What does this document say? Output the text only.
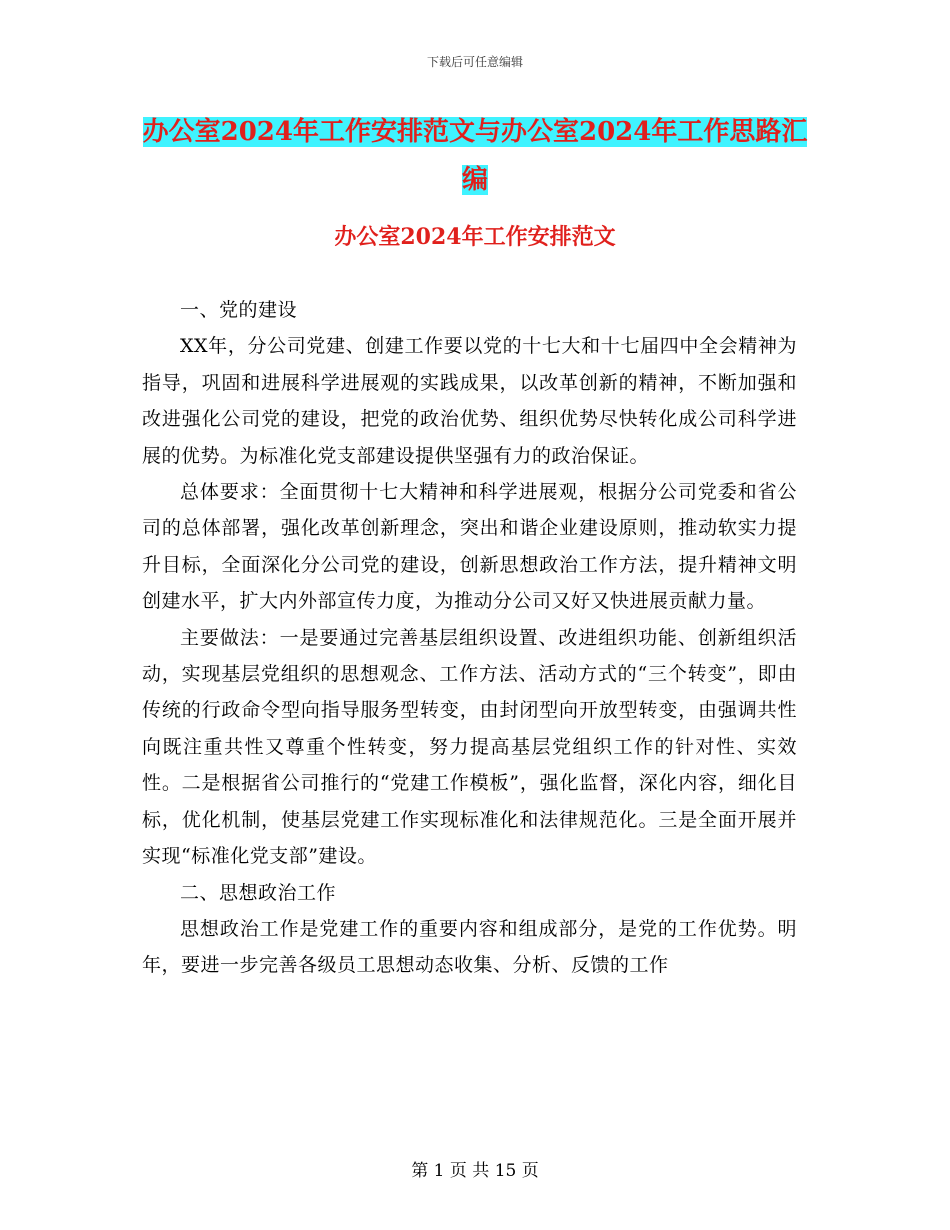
下载后可任意编辑
办公室2024年工作安排范文与办公室2024年工作思路汇编
办公室2024年工作安排范文

一、党的建设

XX年，分公司党建、创建工作要以党的十七大和十七届四中全会精神为指导，巩固和进展科学进展观的实践成果，以改革创新的精神，不断加强和改进强化公司党的建设，把党的政治优势、组织优势尽快转化成公司科学进展的优势。为标准化党支部建设提供坚强有力的政治保证。

总体要求：全面贯彻十七大精神和科学进展观，根据分公司党委和省公司的总体部署，强化改革创新理念，突出和谐企业建设原则，推动软实力提升目标，全面深化分公司党的建设，创新思想政治工作方法，提升精神文明创建水平，扩大内外部宣传力度，为推动分公司又好又快进展贡献力量。

主要做法：一是要通过完善基层组织设置、改进组织功能、创新组织活动，实现基层党组织的思想观念、工作方法、活动方式的“三个转变”，即由传统的行政命令型向指导服务型转变，由封闭型向开放型转变，由强调共性向既注重共性又尊重个性转变，努力提高基层党组织工作的针对性、实效性。二是根据省公司推行的“党建工作模板”，强化监督，深化内容，细化目标，优化机制，使基层党建工作实现标准化和法律规范化。三是全面开展并实现“标准化党支部”建设。

二、思想政治工作

思想政治工作是党建工作的重要内容和组成部分，是党的工作优势。明年，要进一步完善各级员工思想动态收集、分析、反馈的工作

第 1 页 共 15 页
